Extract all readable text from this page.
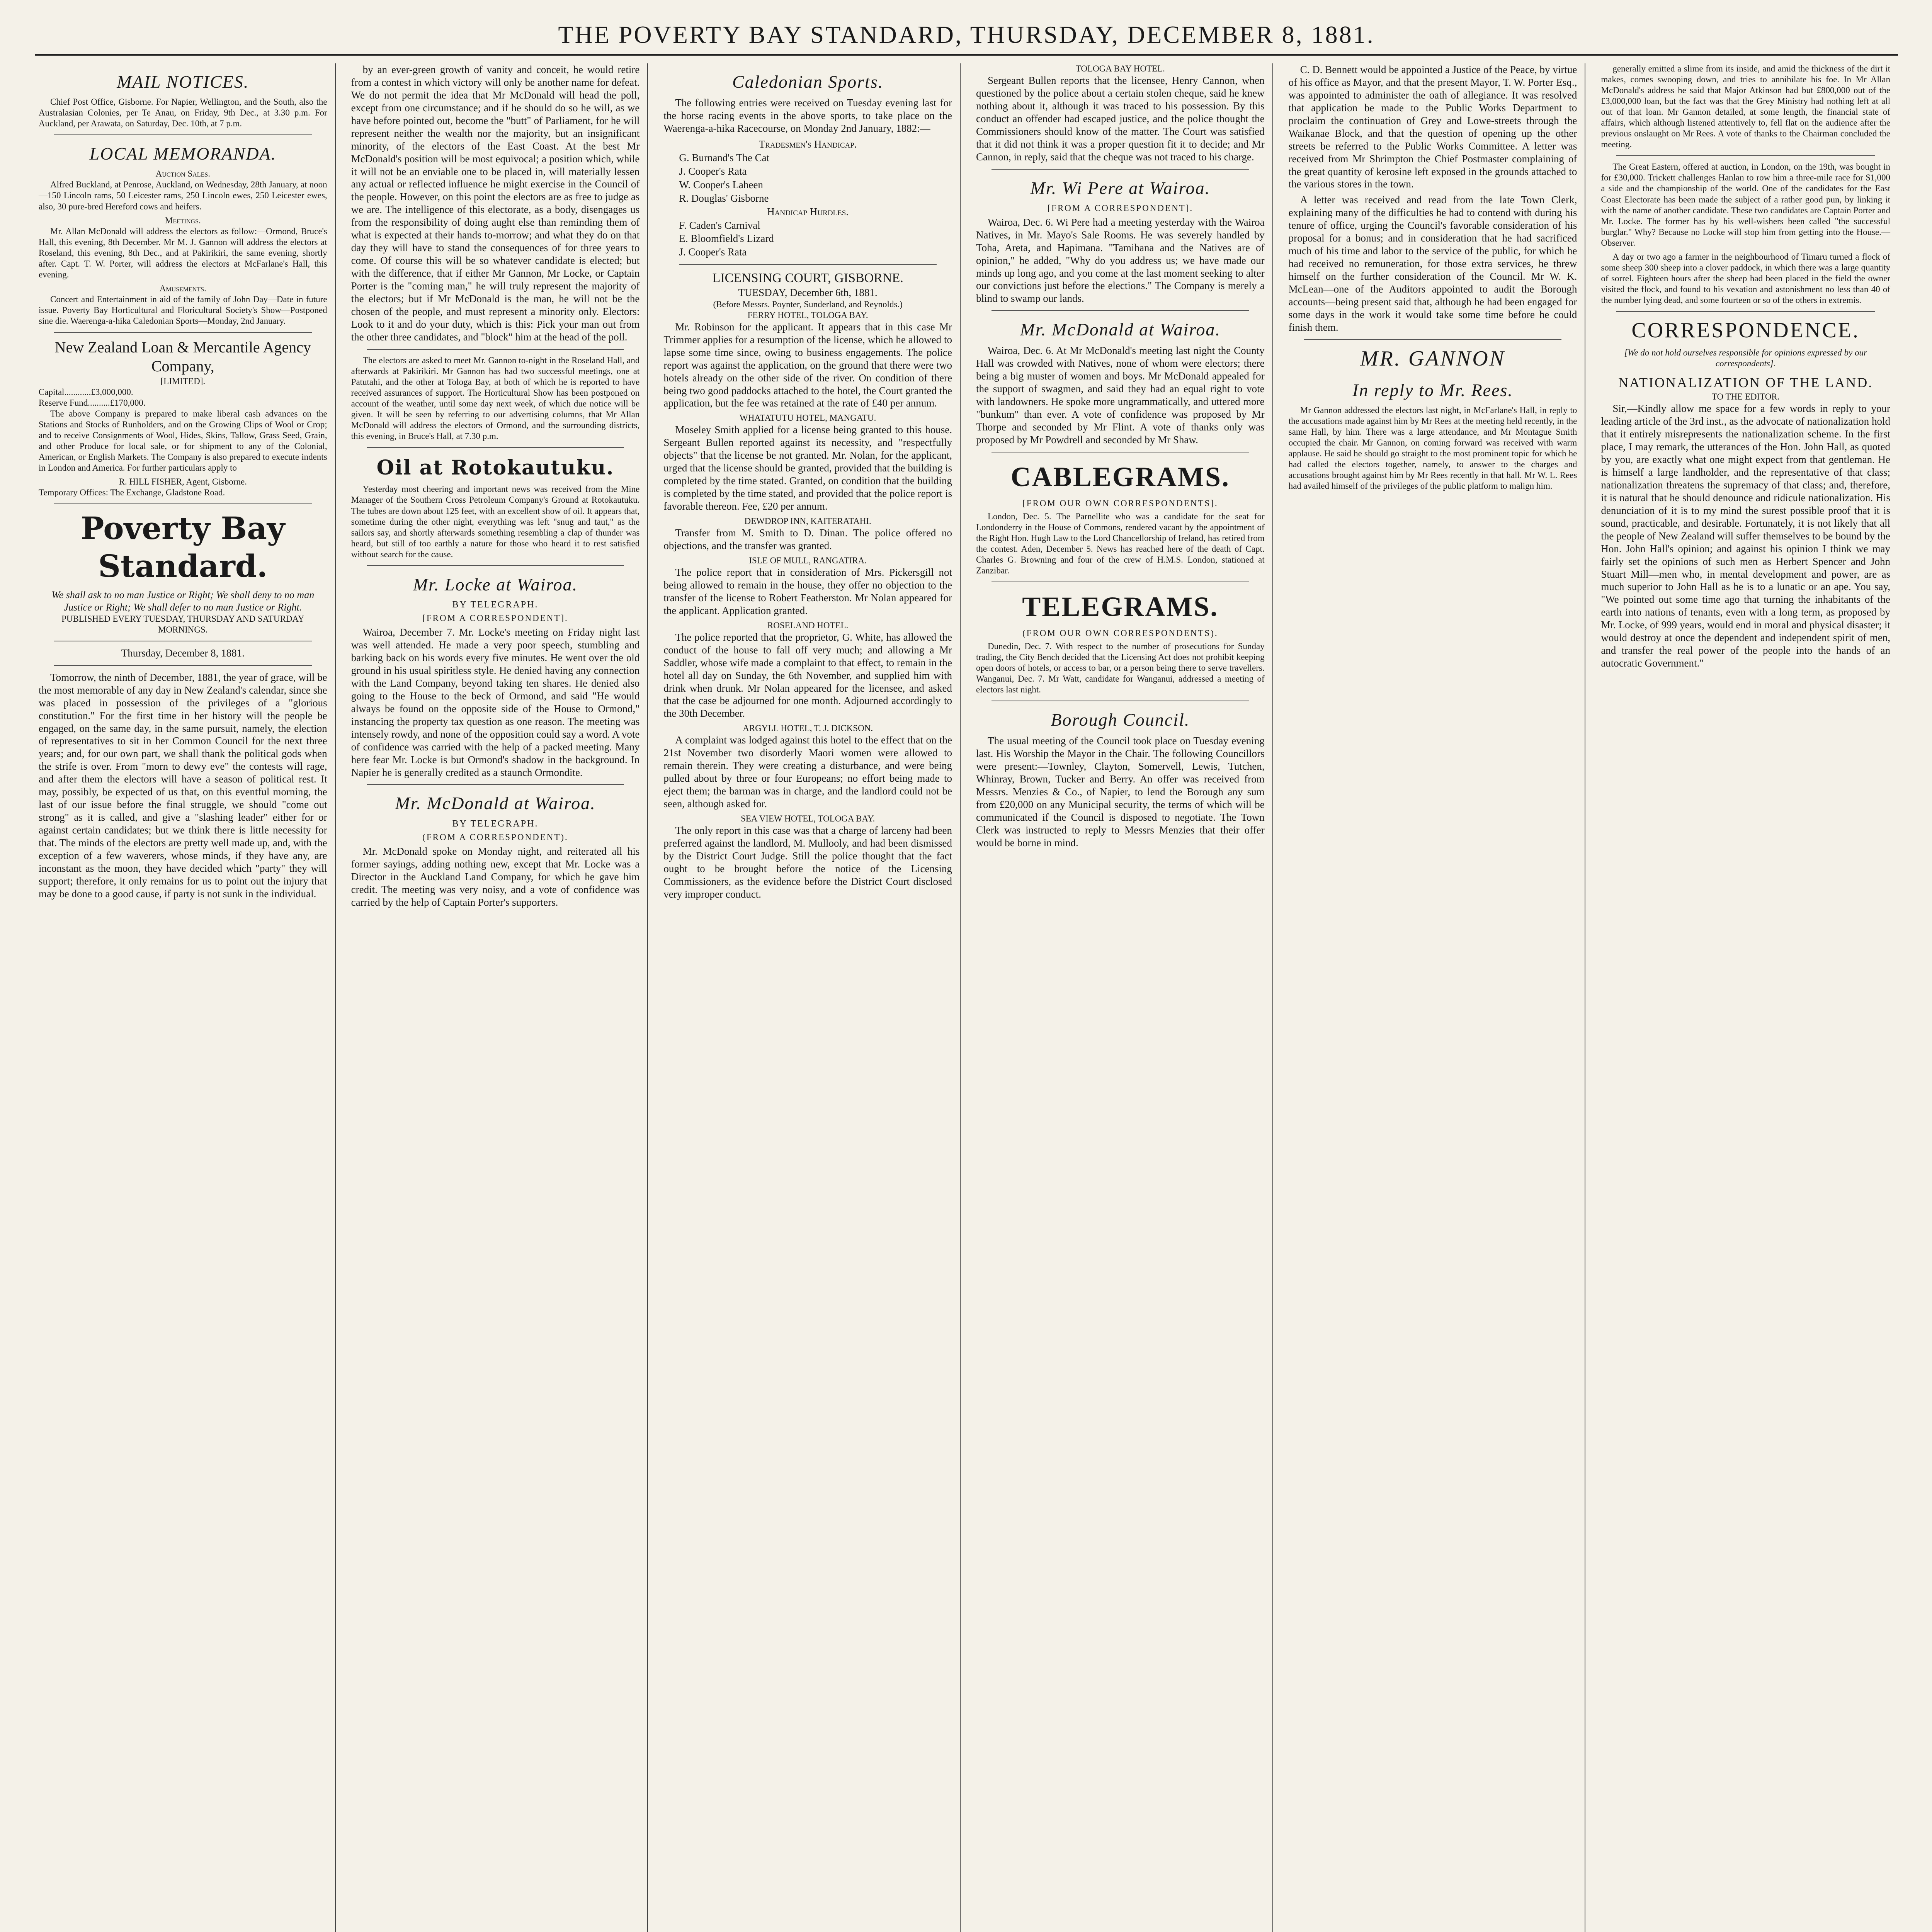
THE POVERTY BAY STANDARD, THURSDAY, DECEMBER 8, 1881.
MAIL NOTICES.

Chief Post Office, Gisborne. For Napier, Wellington, and the South, also the Australasian Colonies, per Te Anau, on Friday, 9th Dec., at 3.30 p.m. For Auckland, per Arawata, on Saturday, Dec. 10th, at 7 p.m.

LOCAL MEMORANDA.
Auction Sales.

Alfred Buckland, at Penrose, Auckland, on Wednesday, 28th January, at noon—150 Lincoln rams, 50 Leicester rams, 250 Lincoln ewes, 250 Leicester ewes, also, 30 pure-bred Hereford cows and heifers.

Meetings.

Mr. Allan McDonald will address the electors as follow:—Ormond, Bruce's Hall, this evening, 8th December. Mr M. J. Gannon will address the electors at Roseland, this evening, 8th Dec., and at Pakirikiri, the same evening, shortly after. Capt. T. W. Porter, will address the electors at McFarlane's Hall, this evening.

Amusements.

Concert and Entertainment in aid of the family of John Day—Date in future issue. Poverty Bay Horticultural and Floricultural Society's Show—Postponed sine die. Waerenga-a-hika Caledonian Sports—Monday, 2nd January.

New Zealand Loan & Mercantile Agency Company,
[LIMITED].
Capital............£3,000,000.
Reserve Fund..........£170,000.

The above Company is prepared to make liberal cash advances on the Stations and Stocks of Runholders, and on the Growing Clips of Wool or Crop; and to receive Consignments of Wool, Hides, Skins, Tallow, Grass Seed, Grain, and other Produce for local sale, or for shipment to any of the Colonial, American, or English Markets. The Company is also prepared to execute indents in London and America. For further particulars apply to

R. HILL FISHER, Agent, Gisborne.
Temporary Offices: The Exchange, Gladstone Road.
Poverty Bay Standard.
We shall ask to no man Justice or Right; We shall deny to no man Justice or Right; We shall defer to no man Justice or Right.
PUBLISHED EVERY TUESDAY, THURSDAY AND SATURDAY MORNINGS.
Thursday, December 8, 1881.

Tomorrow, the ninth of December, 1881, the year of grace, will be the most memorable of any day in New Zealand's calendar, since she was placed in possession of the privileges of a "glorious constitution." For the first time in her history will the people be engaged, on the same day, in the same pursuit, namely, the election of representatives to sit in her Common Council for the next three years; and, for our own part, we shall thank the political gods when the strife is over. From "morn to dewy eve" the contests will rage, and after them the electors will have a season of political rest. It may, possibly, be expected of us that, on this eventful morning, the last of our issue before the final struggle, we should "come out strong" as it is called, and give a "slashing leader" either for or against certain candidates; but we think there is little necessity for that. The minds of the electors are pretty well made up, and, with the exception of a few waverers, whose minds, if they have any, are inconstant as the moon, they have decided which "party" they will support; therefore, it only remains for us to point out the injury that may be done to a good cause, if party is not sunk in the individual.

by an ever-green growth of vanity and conceit, he would retire from a contest in which victory will only be another name for defeat. We do not permit the idea that Mr McDonald will head the poll, except from one circumstance; and if he should do so he will, as we have before pointed out, become the "butt" of Parliament, for he will represent neither the wealth nor the majority, but an insignificant minority, of the electors of the East Coast. At the best Mr McDonald's position will be most equivocal; a position which, while it will not be an enviable one to be placed in, will materially lessen any actual or reflected influence he might exercise in the Council of the people. However, on this point the electors are as free to judge as we are. The intelligence of this electorate, as a body, disengages us from the responsibility of doing aught else than reminding them of what is expected at their hands to-morrow; and what they do on that day they will have to stand the consequences of for three years to come. Of course this will be so whatever candidate is elected; but with the difference, that if either Mr Gannon, Mr Locke, or Captain Porter is the "coming man," he will truly represent the majority of the electors; but if Mr McDonald is the man, he will not be the chosen of the people, and must represent a minority only. Electors: Look to it and do your duty, which is this: Pick your man out from the other three candidates, and "block" him at the head of the poll.

The electors are asked to meet Mr. Gannon to-night in the Roseland Hall, and afterwards at Pakirikiri. Mr Gannon has had two successful meetings, one at Patutahi, and the other at Tologa Bay, at both of which he is reported to have received assurances of support. The Horticultural Show has been postponed on account of the weather, until some day next week, of which due notice will be given. It will be seen by referring to our advertising columns, that Mr Allan McDonald will address the electors of Ormond, and the surrounding districts, this evening, in Bruce's Hall, at 7.30 p.m.

Oil at Rotokautuku.

Yesterday most cheering and important news was received from the Mine Manager of the Southern Cross Petroleum Company's Ground at Rotokautuku. The tubes are down about 125 feet, with an excellent show of oil. It appears that, sometime during the other night, everything was left "snug and taut," as the sailors say, and shortly afterwards something resembling a clap of thunder was heard, but still of too earthly a nature for those who heard it to rest satisfied without search for the cause.

Mr. Locke at Wairoa.
BY TELEGRAPH.
[FROM A CORRESPONDENT].

Wairoa, December 7. Mr. Locke's meeting on Friday night last was well attended. He made a very poor speech, stumbling and barking back on his words every five minutes. He went over the old ground in his usual spiritless style. He denied having any connection with the Land Company, beyond taking ten shares. He denied also going to the House to the beck of Ormond, and said "He would always be found on the opposite side of the House to Ormond," instancing the property tax question as one reason. The meeting was intensely rowdy, and none of the opposition could say a word. A vote of confidence was carried with the help of a packed meeting. Many here fear Mr. Locke is but Ormond's shadow in the background. In Napier he is generally credited as a staunch Ormondite.

Mr. McDonald at Wairoa.
BY TELEGRAPH.
(FROM A CORRESPONDENT).

Mr. McDonald spoke on Monday night, and reiterated all his former sayings, adding nothing new, except that Mr. Locke was a Director in the Auckland Land Company, for which he gave him credit. The meeting was very noisy, and a vote of confidence was carried by the help of Captain Porter's supporters.

Caledonian Sports.

The following entries were received on Tuesday evening last for the horse racing events in the above sports, to take place on the Waerenga-a-hika Racecourse, on Monday 2nd January, 1882:—

Tradesmen's Handicap.
G. Burnand's The Cat
J. Cooper's Rata
W. Cooper's Laheen
R. Douglas' Gisborne
Handicap Hurdles.
F. Caden's Carnival
E. Bloomfield's Lizard
J. Cooper's Rata
LICENSING COURT, GISBORNE.
TUESDAY, December 6th, 1881.
(Before Messrs. Poynter, Sunderland, and Reynolds.)
FERRY HOTEL, TOLOGA BAY.

Mr. Robinson for the applicant. It appears that in this case Mr Trimmer applies for a resumption of the license, which he allowed to lapse some time since, owing to business engagements. The police report was against the application, on the ground that there were two hotels already on the other side of the river. On condition of there being two good paddocks attached to the hotel, the Court granted the application, but the fee was retained at the rate of £40 per annum.

WHATATUTU HOTEL, MANGATU.

Moseley Smith applied for a license being granted to this house. Sergeant Bullen reported against its necessity, and "respectfully objects" that the license be not granted. Mr. Nolan, for the applicant, urged that the license should be granted, provided that the building is completed by the time stated. Granted, on condition that the building is completed by the time stated, and provided that the police report is favorable thereon. Fee, £20 per annum.

DEWDROP INN, KAITERATAHI.

Transfer from M. Smith to D. Dinan. The police offered no objections, and the transfer was granted.

ISLE OF MULL, RANGATIRA.

The police report that in consideration of Mrs. Pickersgill not being allowed to remain in the house, they offer no objection to the transfer of the license to Robert Featherston. Mr Nolan appeared for the applicant. Application granted.

ROSELAND HOTEL.

The police reported that the proprietor, G. White, has allowed the conduct of the house to fall off very much; and allowing a Mr Saddler, whose wife made a complaint to that effect, to remain in the hotel all day on Sunday, the 6th November, and supplied him with drink when drunk. Mr Nolan appeared for the licensee, and asked that the case be adjourned for one month. Adjourned accordingly to the 30th December.

ARGYLL HOTEL, T. J. DICKSON.

A complaint was lodged against this hotel to the effect that on the 21st November two disorderly Maori women were allowed to remain therein. They were creating a disturbance, and were being pulled about by three or four Europeans; no effort being made to eject them; the barman was in charge, and the landlord could not be seen, although asked for.

SEA VIEW HOTEL, TOLOGA BAY.

The only report in this case was that a charge of larceny had been preferred against the landlord, M. Mullooly, and had been dismissed by the District Court Judge. Still the police thought that the fact ought to be brought before the notice of the Licensing Commissioners, as the evidence before the District Court disclosed very improper conduct.

TOLOGA BAY HOTEL.

Sergeant Bullen reports that the licensee, Henry Cannon, when questioned by the police about a certain stolen cheque, said he knew nothing about it, although it was traced to his possession. By this conduct an offender had escaped justice, and the police thought the Commissioners should know of the matter. The Court was satisfied that it did not think it was a proper question fit it to decide; and Mr Cannon, in reply, said that the cheque was not traced to his charge.

Mr. Wi Pere at Wairoa.
[FROM A CORRESPONDENT].

Wairoa, Dec. 6. Wi Pere had a meeting yesterday with the Wairoa Natives, in Mr. Mayo's Sale Rooms. He was severely handled by Toha, Areta, and Hapimana. "Tamihana and the Natives are of opinion," he added, "Why do you address us; we have made our minds up long ago, and you come at the last moment seeking to alter our convictions just before the elections." The Company is merely a blind to swamp our lands.

Mr. McDonald at Wairoa.

Wairoa, Dec. 6. At Mr McDonald's meeting last night the County Hall was crowded with Natives, none of whom were electors; there being a big muster of women and boys. Mr McDonald appealed for the support of swagmen, and said they had an equal right to vote with landowners. He spoke more ungrammatically, and uttered more "bunkum" than ever. A vote of confidence was proposed by Mr Thorpe and seconded by Mr Flint. A vote of thanks only was proposed by Mr Powdrell and seconded by Mr Shaw.

CABLEGRAMS.
[FROM OUR OWN CORRESPONDENTS].

London, Dec. 5. The Parnellite who was a candidate for the seat for Londonderry in the House of Commons, rendered vacant by the appointment of the Right Hon. Hugh Law to the Lord Chancellorship of Ireland, has retired from the contest. Aden, December 5. News has reached here of the death of Capt. Charles G. Browning and four of the crew of H.M.S. London, stationed at Zanzibar.

TELEGRAMS.
(FROM OUR OWN CORRESPONDENTS).

Dunedin, Dec. 7. With respect to the number of prosecutions for Sunday trading, the City Bench decided that the Licensing Act does not prohibit keeping open doors of hotels, or access to bar, or a person being there to serve travellers. Wanganui, Dec. 7. Mr Watt, candidate for Wanganui, addressed a meeting of electors last night.

Borough Council.

The usual meeting of the Council took place on Tuesday evening last. His Worship the Mayor in the Chair. The following Councillors were present:—Townley, Clayton, Somervell, Lewis, Tutchen, Whinray, Brown, Tucker and Berry. An offer was received from Messrs. Menzies & Co., of Napier, to lend the Borough any sum from £20,000 on any Municipal security, the terms of which will be communicated if the Council is disposed to negotiate. The Town Clerk was instructed to reply to Messrs Menzies that their offer would be borne in mind.

C. D. Bennett would be appointed a Justice of the Peace, by virtue of his office as Mayor, and that the present Mayor, T. W. Porter Esq., was appointed to administer the oath of allegiance. It was resolved that application be made to the Public Works Department to proclaim the continuation of Grey and Lowe-streets through the Waikanae Block, and that the question of opening up the other streets be referred to the Public Works Committee. A letter was received from Mr Shrimpton the Chief Postmaster complaining of the great quantity of kerosine left exposed in the grounds attached to the various stores in the town.

A letter was received and read from the late Town Clerk, explaining many of the difficulties he had to contend with during his tenure of office, urging the Council's favorable consideration of his proposal for a bonus; and in consideration that he had sacrificed much of his time and labor to the service of the public, for which he had received no remuneration, for those extra services, he threw himself on the further consideration of the Council. Mr W. K. McLean—one of the Auditors appointed to audit the Borough accounts—being present said that, although he had been engaged for some days in the work it would take some time before he could finish them.

MR. GANNON
In reply to Mr. Rees.

Mr Gannon addressed the electors last night, in McFarlane's Hall, in reply to the accusations made against him by Mr Rees at the meeting held recently, in the same Hall, by him. There was a large attendance, and Mr Montague Smith occupied the chair. Mr Gannon, on coming forward was received with warm applause. He said he should go straight to the most prominent topic for which he had called the electors together, namely, to answer to the charges and accusations brought against him by Mr Rees recently in that hall. Mr W. L. Rees had availed himself of the privileges of the public platform to malign him.

generally emitted a slime from its inside, and amid the thickness of the dirt it makes, comes swooping down, and tries to annihilate his foe. In Mr Allan McDonald's address he said that Major Atkinson had but £800,000 out of the £3,000,000 loan, but the fact was that the Grey Ministry had nothing left at all out of that loan. Mr Gannon detailed, at some length, the financial state of affairs, which although listened attentively to, fell flat on the audience after the previous onslaught on Mr Rees. A vote of thanks to the Chairman concluded the meeting.

The Great Eastern, offered at auction, in London, on the 19th, was bought in for £30,000. Trickett challenges Hanlan to row him a three-mile race for $1,000 a side and the championship of the world. One of the candidates for the East Coast Electorate has been made the subject of a rather good pun, by linking it with the name of another candidate. These two candidates are Captain Porter and Mr. Locke. The former has by his well-wishers been called "the successful burglar." Why? Because no Locke will stop him from getting into the House.—Observer.

A day or two ago a farmer in the neighbourhood of Timaru turned a flock of some sheep 300 sheep into a clover paddock, in which there was a large quantity of sorrel. Eighteen hours after the sheep had been placed in the field the owner visited the flock, and found to his vexation and astonishment no less than 40 of the number lying dead, and some fourteen or so of the others in extremis.

CORRESPONDENCE.
[We do not hold ourselves responsible for opinions expressed by our correspondents].
NATIONALIZATION OF THE LAND.
TO THE EDITOR.

Sir,—Kindly allow me space for a few words in reply to your leading article of the 3rd inst., as the advocate of nationalization hold that it entirely misrepresents the nationalization scheme. In the first place, I may remark, the utterances of the Hon. John Hall, as quoted by you, are exactly what one might expect from that gentleman. He is himself a large landholder, and the representative of that class; nationalization threatens the supremacy of that class; and, therefore, it is natural that he should denounce and ridicule nationalization. His denunciation of it is to my mind the surest possible proof that it is sound, practicable, and desirable. Fortunately, it is not likely that all the people of New Zealand will suffer themselves to be bound by the Hon. John Hall's opinion; and against his opinion I think we may fairly set the opinions of such men as Herbert Spencer and John Stuart Mill—men who, in mental development and power, are as much superior to John Hall as he is to a lunatic or an ape. You say, "We pointed out some time ago that turning the inhabitants of the earth into nations of tenants, even with a long term, as proposed by Mr. Locke, of 999 years, would end in moral and physical disaster; it would destroy at once the dependent and independent spirit of men, and transfer the real power of the people into the hands of an autocratic Government."
